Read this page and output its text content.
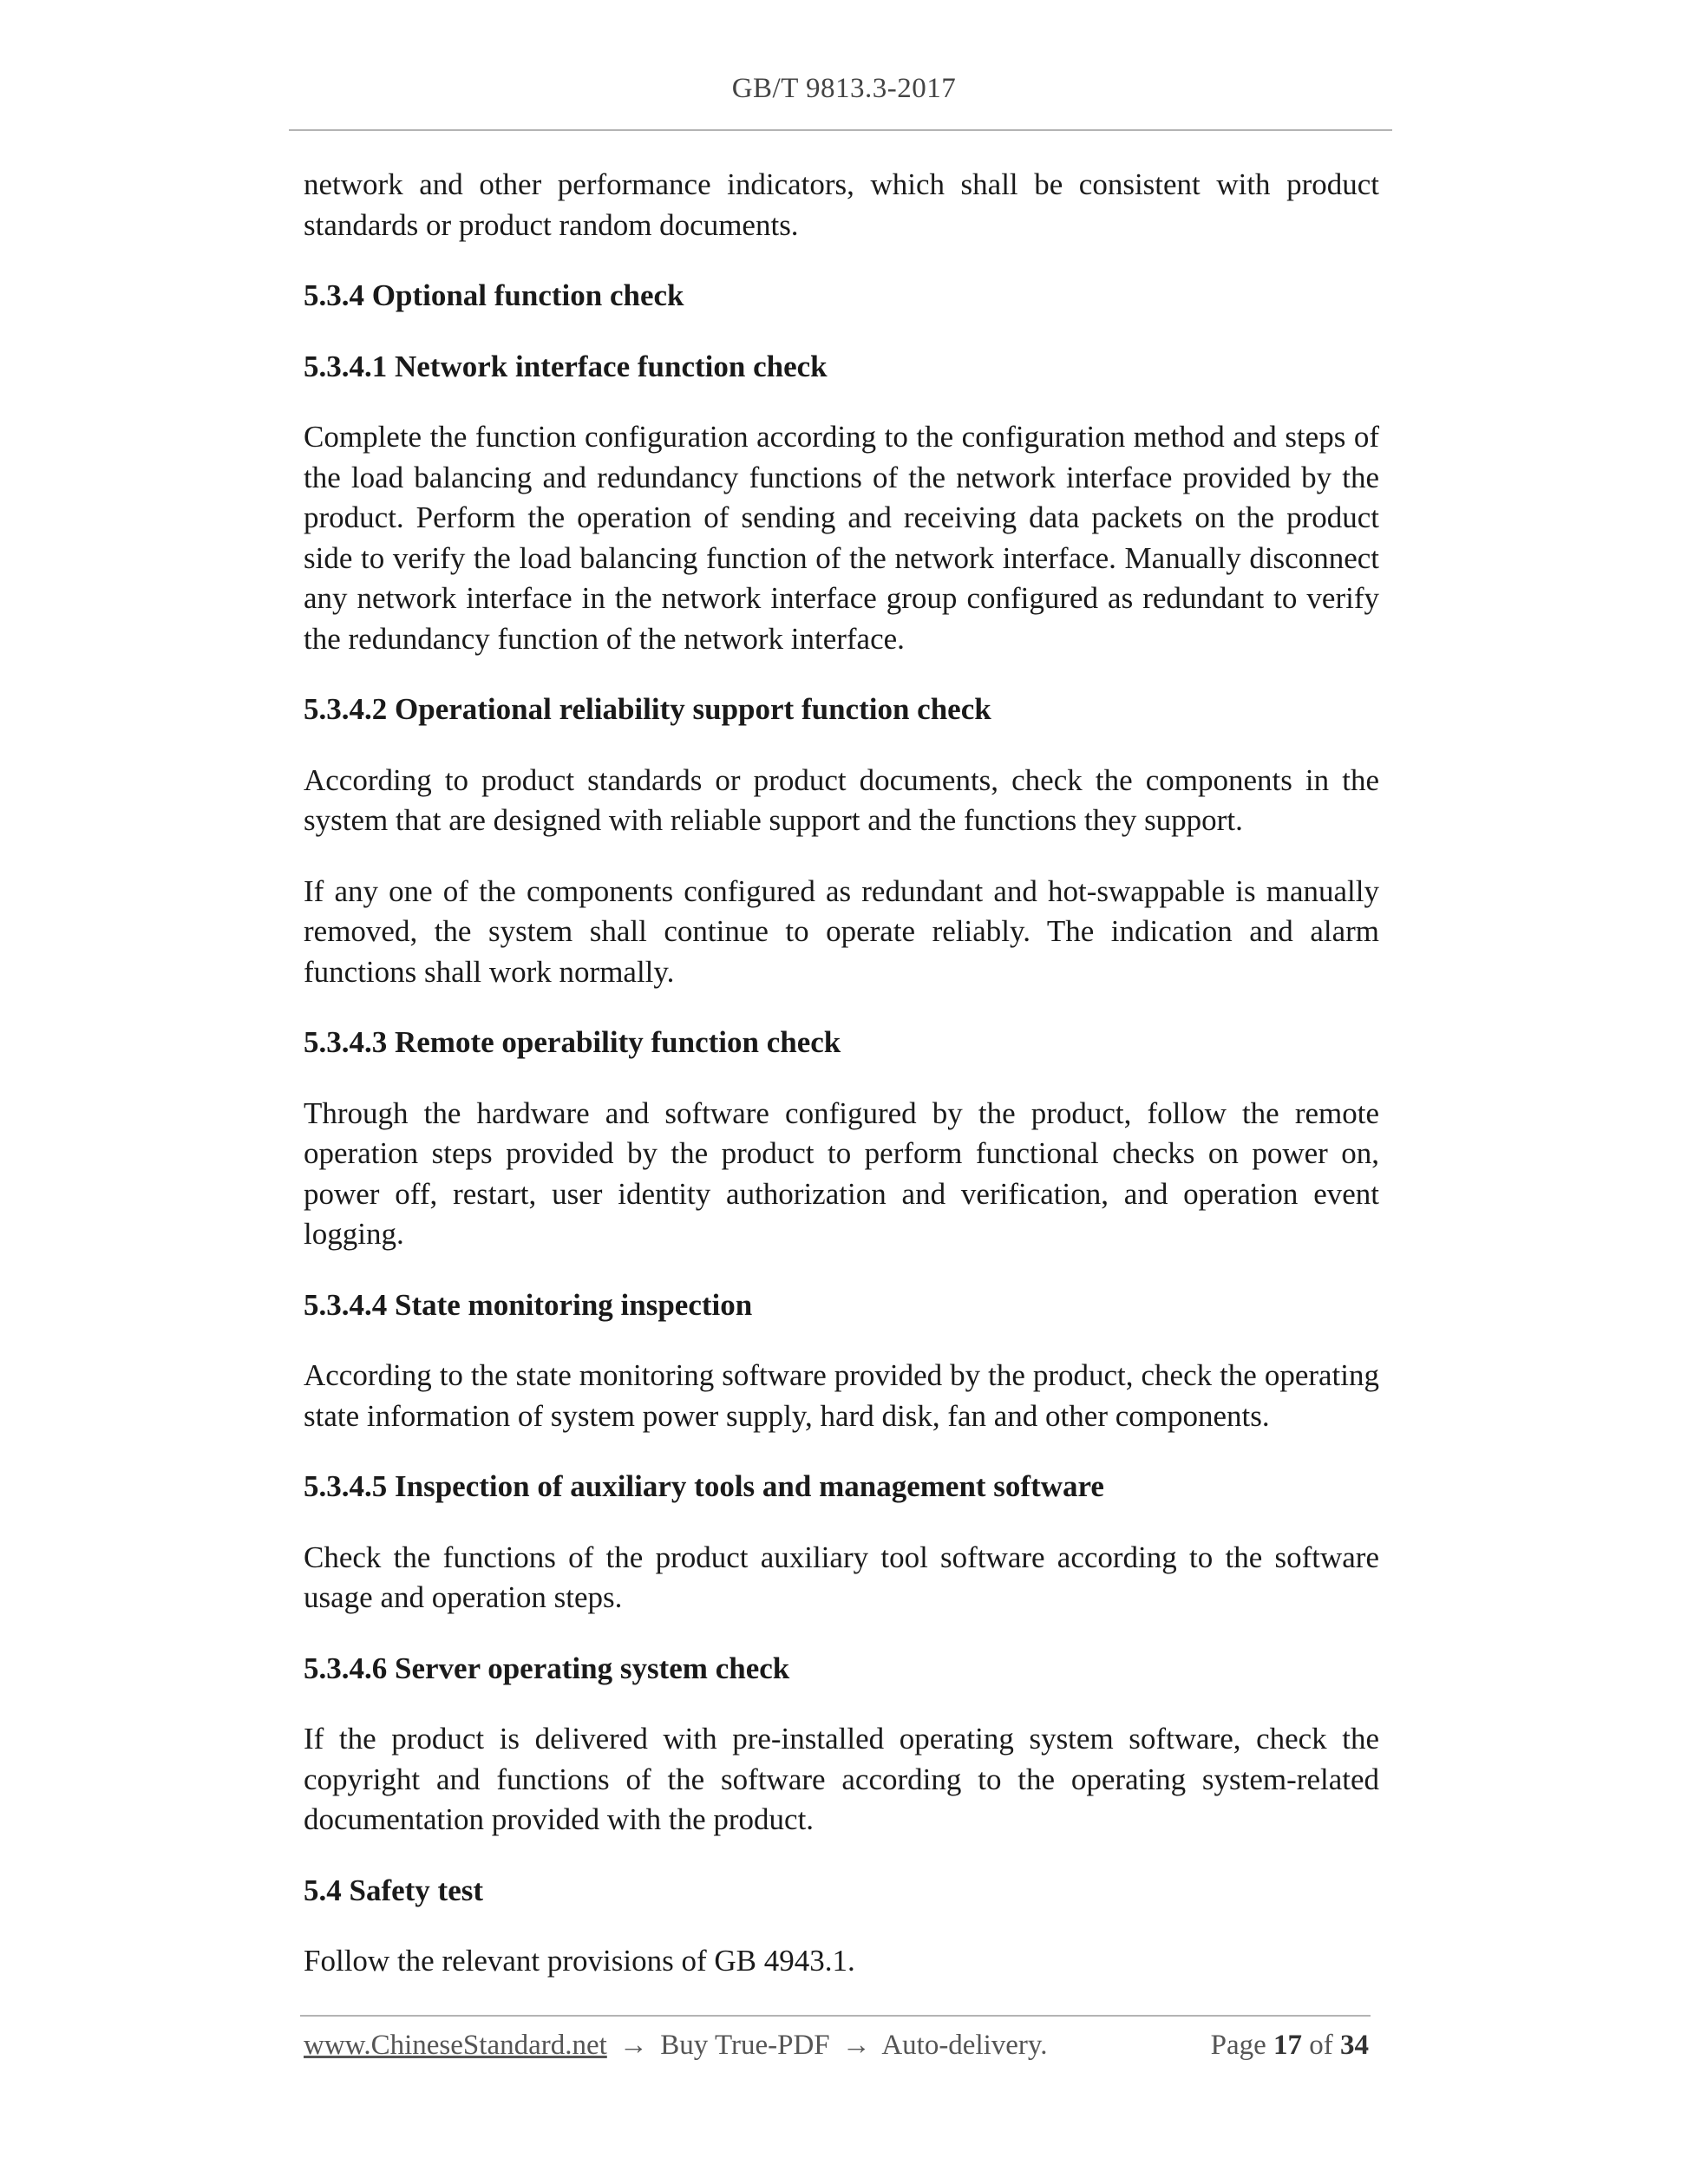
GB/T 9813.3-2017

network and other performance indicators, which shall be consistent with product standards or product random documents.

5.3.4 Optional function check
5.3.4.1 Network interface function check

Complete the function configuration according to the configuration method and steps of the load balancing and redundancy functions of the network interface provided by the product. Perform the operation of sending and receiving data packets on the product side to verify the load balancing function of the network interface. Manually disconnect any network interface in the network interface group configured as redundant to verify the redundancy function of the network interface.

5.3.4.2 Operational reliability support function check

According to product standards or product documents, check the components in the system that are designed with reliable support and the functions they support.

If any one of the components configured as redundant and hot-swappable is manually removed, the system shall continue to operate reliably. The indication and alarm functions shall work normally.

5.3.4.3 Remote operability function check

Through the hardware and software configured by the product, follow the remote operation steps provided by the product to perform functional checks on power on, power off, restart, user identity authorization and verification, and operation event logging.

5.3.4.4 State monitoring inspection

According to the state monitoring software provided by the product, check the operating state information of system power supply, hard disk, fan and other components.

5.3.4.5 Inspection of auxiliary tools and management software

Check the functions of the product auxiliary tool software according to the software usage and operation steps.

5.3.4.6 Server operating system check

If the product is delivered with pre-installed operating system software, check the copyright and functions of the software according to the operating system-related documentation provided with the product.

5.4 Safety test

Follow the relevant provisions of GB 4943.1.

www.ChineseStandard.net → Buy True-PDF → Auto-delivery.	Page 17 of 34
